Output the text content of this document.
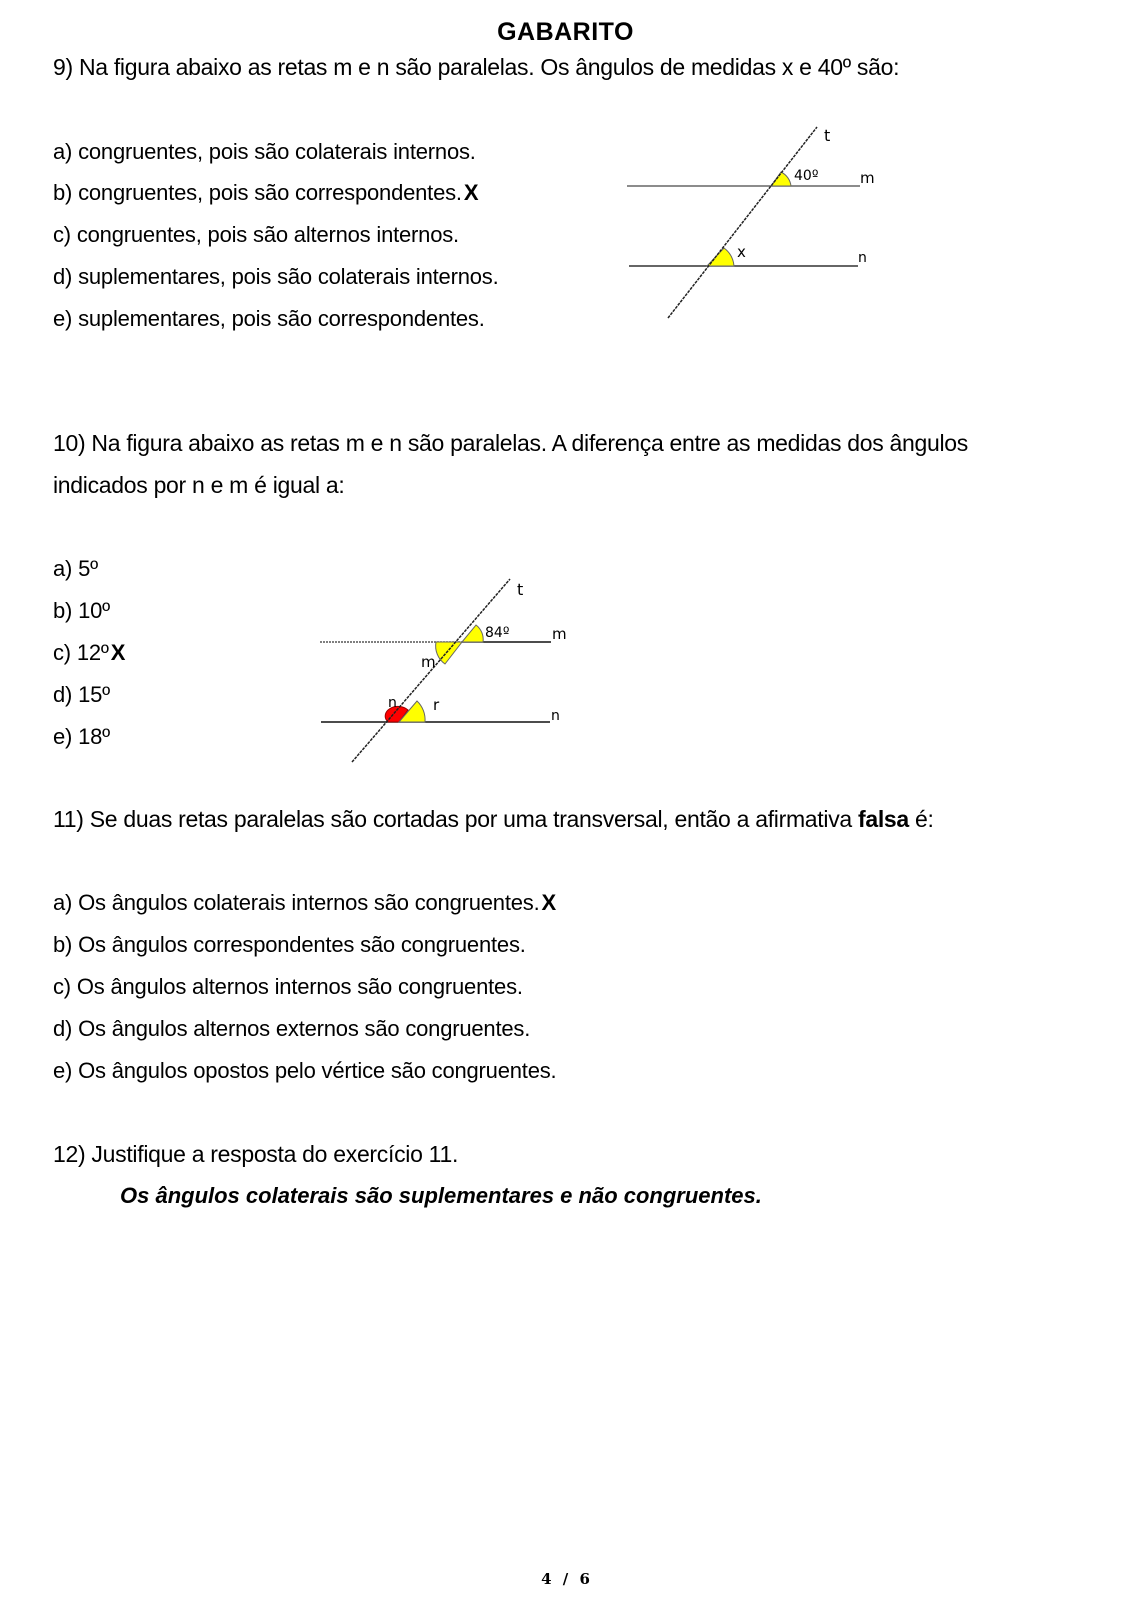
GABARITO
9) Na figura abaixo as retas m e n são paralelas. Os ângulos de medidas x e 40º são:
a) congruentes, pois são colaterais internos.
b) congruentes, pois são correspondentes.X
c) congruentes, pois são alternos internos.
d) suplementares, pois são colaterais internos.
e) suplementares, pois são correspondentes.
t
40º	m
x	n
10) Na figura abaixo as retas m e n são paralelas. A diferença entre as medidas dos ângulos
indicados por n e m é igual a:
a) 5º
b) 10º
c) 12ºX
d) 15º
e) 18º
t
84º	m
m
n r
n
11) Se duas retas paralelas são cortadas por uma transversal, então a afirmativa falsa é:
a) Os ângulos colaterais internos são congruentes.X
b) Os ângulos correspondentes são congruentes.
c) Os ângulos alternos internos são congruentes.
d) Os ângulos alternos externos são congruentes.
e) Os ângulos opostos pelo vértice são congruentes.
12) Justifique a resposta do exercício 11.
Os ângulos colaterais são suplementares e não congruentes.
4 / 6
